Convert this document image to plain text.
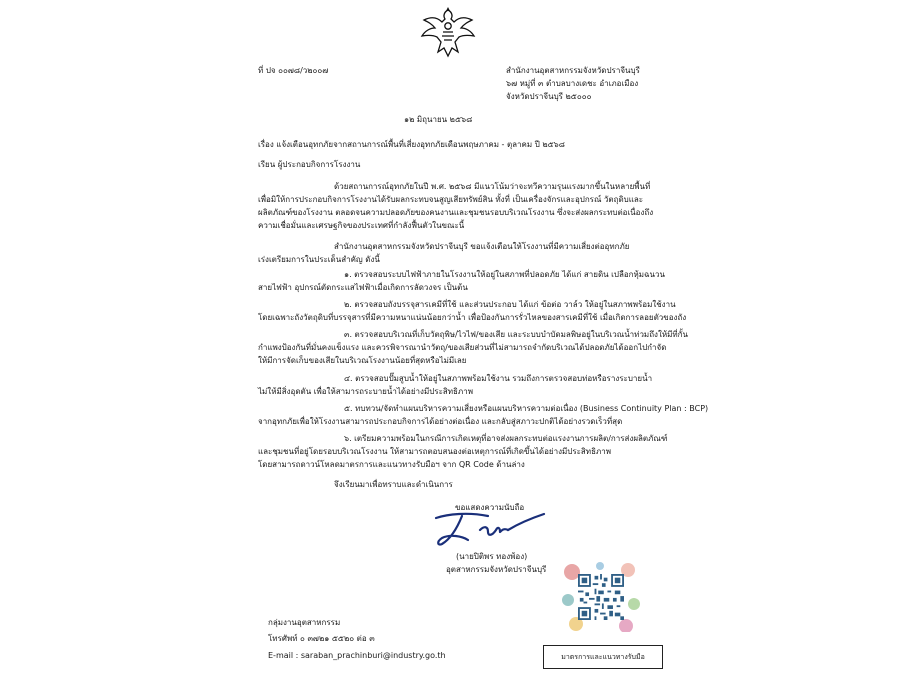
ที่ ปจ ๐๐๗๘/ว๒๐๐๗	สำนักงานอุตสาหกรรมจังหวัดปราจีนบุรี
๖๗ หมู่ที่ ๓ ตำบลบางเดชะ อำเภอเมือง
จังหวัดปราจีนบุรี ๒๕๐๐๐
๑๒ มิถุนายน ๒๕๖๘
เรื่อง แจ้งเตือนอุทกภัยจากสถานการณ์พื้นที่เสี่ยงอุทกภัยเดือนพฤษภาคม - ตุลาคม ปี ๒๕๖๘
เรียน ผู้ประกอบกิจการโรงงาน
ด้วยสถานการณ์อุทกภัยในปี พ.ศ. ๒๕๖๘ มีแนวโน้มว่าจะทวีความรุนแรงมากขึ้นในหลายพื้นที่
เพื่อมิให้การประกอบกิจการโรงงานได้รับผลกระทบจนสูญเสียทรัพย์สิน ทั้งที่ เป็นเครื่องจักรและอุปกรณ์ วัตถุดิบและ
ผลิตภัณฑ์ของโรงงาน ตลอดจนความปลอดภัยของคนงานและชุมชนรอบบริเวณโรงงาน ซึ่งจะส่งผลกระทบต่อเนื่องถึง
ความเชื่อมั่นและเศรษฐกิจของประเทศที่กำลังฟื้นตัวในขณะนี้
สำนักงานอุตสาหกรรมจังหวัดปราจีนบุรี ขอแจ้งเตือนให้โรงงานที่มีความเสี่ยงต่ออุทกภัย
เร่งเตรียมการในประเด็นสำคัญ ดังนี้
๑. ตรวจสอบระบบไฟฟ้าภายในโรงงานให้อยู่ในสภาพที่ปลอดภัย ได้แก่ สายดิน เปลือกหุ้มฉนวน
สายไฟฟ้า อุปกรณ์ตัดกระแสไฟฟ้าเมื่อเกิดการลัดวงจร เป็นต้น
๒. ตรวจสอบถังบรรจุสารเคมีที่ใช้ และส่วนประกอบ ได้แก่ ข้อต่อ วาล์ว ให้อยู่ในสภาพพร้อมใช้งาน
โดยเฉพาะถังวัตถุดิบที่บรรจุสารที่มีความหนาแน่นน้อยกว่าน้ำ เพื่อป้องกันการรั่วไหลของสารเคมีที่ใช้ เมื่อเกิดการลอยตัวของถัง
๓. ตรวจสอบบริเวณที่เก็บวัตถุพิษ/ไวไฟ/ของเสีย และระบบบำบัดมลพิษอยู่ในบริเวณน้ำท่วมถึงให้มีที่กั้น
กำแพงป้องกันที่มั่นคงแข็งแรง และควรพิจารณานำวัตถุ/ของเสียส่วนที่ไม่สามารถจำกัดบริเวณได้ปลอดภัยได้ออกไปกำจัด
ให้มีการจัดเก็บของเสียในบริเวณโรงงานน้อยที่สุดหรือไม่มีเลย
๔. ตรวจสอบปั๊มสูบน้ำให้อยู่ในสภาพพร้อมใช้งาน รวมถึงการตรวจสอบท่อหรือรางระบายน้ำ
ไม่ให้มีสิ่งอุดตัน เพื่อให้สามารถระบายน้ำได้อย่างมีประสิทธิภาพ
๕. ทบทวน/จัดทำแผนบริหารความเสี่ยงหรือแผนบริหารความต่อเนื่อง (Business Continuity Plan : BCP)
จากอุทกภัยเพื่อให้โรงงานสามารถประกอบกิจการได้อย่างต่อเนื่อง และกลับสู่สภาวะปกติได้อย่างรวดเร็วที่สุด
๖. เตรียมความพร้อมในกรณีการเกิดเหตุที่อาจส่งผลกระทบต่อแรงงานการผลิต/การส่งผลิตภัณฑ์
และชุมชนที่อยู่โดยรอบบริเวณโรงงาน ให้สามารถตอบสนองต่อเหตุการณ์ที่เกิดขึ้นได้อย่างมีประสิทธิภาพ
โดยสามารถดาวน์โหลดมาตรการและแนวทางรับมือฯ จาก QR Code ด้านล่าง
จึงเรียนมาเพื่อทราบและดำเนินการ
ขอแสดงความนับถือ
(นายปิติพร ทองพ้อง)
อุตสาหกรรมจังหวัดปราจีนบุรี
มาตรการและแนวทางรับมือ
กลุ่มงานอุตสาหกรรม
โทรศัพท์ ๐ ๓๗๒๑ ๕๕๒๐ ต่อ ๓
E-mail : saraban_prachinburi@industry.go.th
